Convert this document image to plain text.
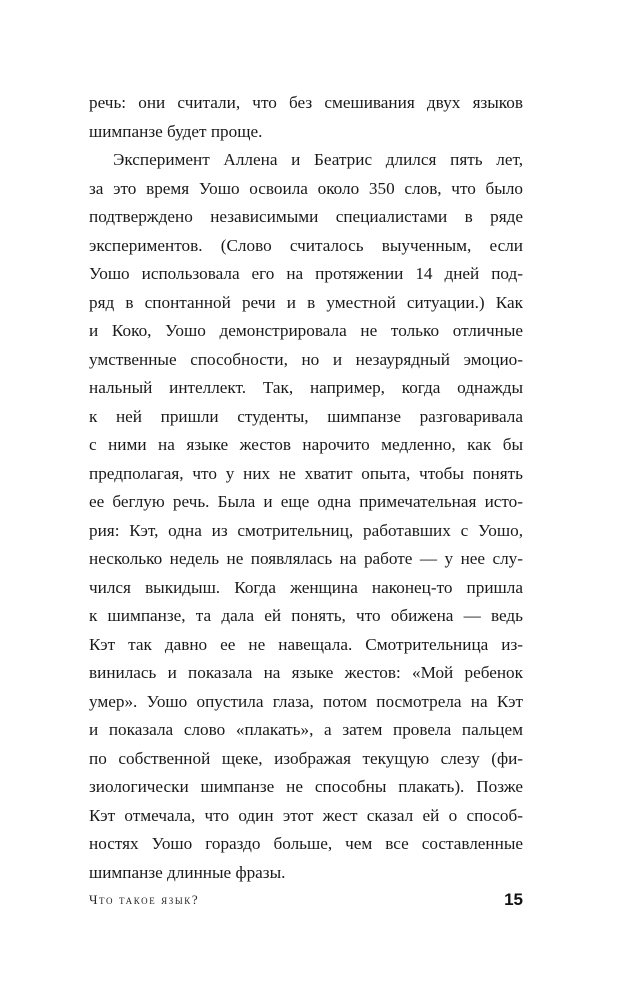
речь: они считали, что без смешивания двух языков
шимпанзе будет проще.
Эксперимент Аллена и Беатрис длился пять лет,
за это время Уошо освоила около 350 слов, что было
подтверждено независимыми специалистами в ряде
экспериментов. (Слово считалось выученным, если
Уошо использовала его на протяжении 14 дней под-
ряд в спонтанной речи и в уместной ситуации.) Как
и Коко, Уошо демонстрировала не только отличные
умственные способности, но и незаурядный эмоцио-
нальный интеллект. Так, например, когда однажды
к ней пришли студенты, шимпанзе разговаривала
с ними на языке жестов нарочито медленно, как бы
предполагая, что у них не хватит опыта, чтобы понять
ее беглую речь. Была и еще одна примечательная исто-
рия: Кэт, одна из смотрительниц, работавших с Уошо,
несколько недель не появлялась на работе — у нее слу-
чился выкидыш. Когда женщина наконец-то пришла
к шимпанзе, та дала ей понять, что обижена — ведь
Кэт так давно ее не навещала. Смотрительница из-
винилась и показала на языке жестов: «Мой ребенок
умер». Уошо опустила глаза, потом посмотрела на Кэт
и показала слово «плакать», а затем провела пальцем
по собственной щеке, изображая текущую слезу (фи-
зиологически шимпанзе не способны плакать). Позже
Кэт отмечала, что один этот жест сказал ей о способ-
ностях Уошо гораздо больше, чем все составленные
шимпанзе длинные фразы.
Что такое язык?	15
